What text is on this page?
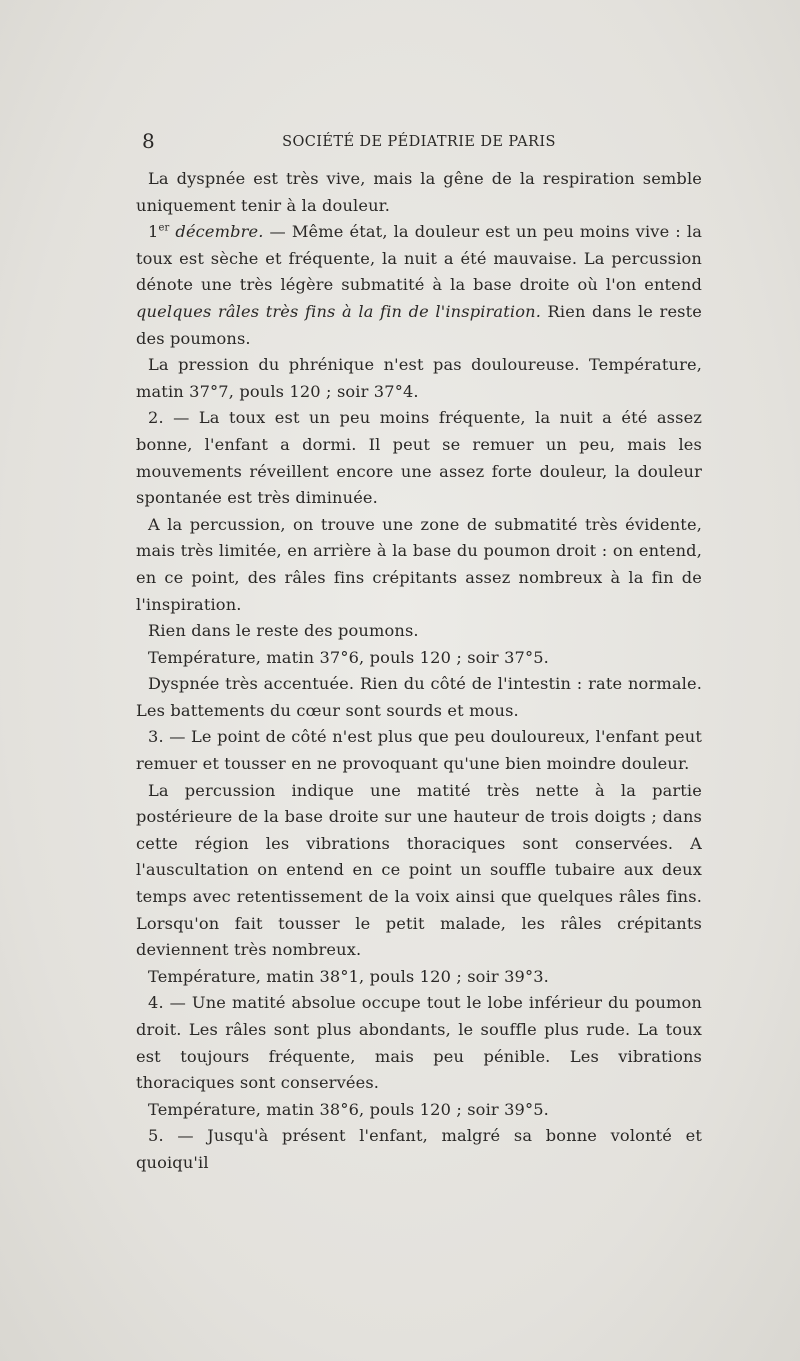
8	SOCIÉTÉ DE PÉDIATRIE DE PARIS

La dyspnée est très vive, mais la gêne de la respiration semble uniquement tenir à la douleur.

1er décembre. — Même état, la douleur est un peu moins vive : la toux est sèche et fréquente, la nuit a été mauvaise. La percussion dénote une très légère submatité à la base droite où l'on entend quelques râles très fins à la fin de l'inspiration. Rien dans le reste des poumons.

La pression du phrénique n'est pas douloureuse. Température, matin 37°7, pouls 120 ; soir 37°4.

2. — La toux est un peu moins fréquente, la nuit a été assez bonne, l'enfant a dormi. Il peut se remuer un peu, mais les mouvements réveillent encore une assez forte douleur, la douleur spontanée est très diminuée.

A la percussion, on trouve une zone de submatité très évidente, mais très limitée, en arrière à la base du poumon droit : on entend, en ce point, des râles fins crépitants assez nombreux à la fin de l'inspiration.

Rien dans le reste des poumons.

Température, matin 37°6, pouls 120 ; soir 37°5.

Dyspnée très accentuée. Rien du côté de l'intestin : rate normale. Les battements du cœur sont sourds et mous.

3. — Le point de côté n'est plus que peu douloureux, l'enfant peut remuer et tousser en ne provoquant qu'une bien moindre douleur.

La percussion indique une matité très nette à la partie postérieure de la base droite sur une hauteur de trois doigts ; dans cette région les vibrations thoraciques sont conservées. A l'auscultation on entend en ce point un souffle tubaire aux deux temps avec retentissement de la voix ainsi que quelques râles fins. Lorsqu'on fait tousser le petit malade, les râles crépitants deviennent très nombreux.

Température, matin 38°1, pouls 120 ; soir 39°3.

4. — Une matité absolue occupe tout le lobe inférieur du poumon droit. Les râles sont plus abondants, le souffle plus rude. La toux est toujours fréquente, mais peu pénible. Les vibrations thoraciques sont conservées.

Température, matin 38°6, pouls 120 ; soir 39°5.

5. — Jusqu'à présent l'enfant, malgré sa bonne volonté et quoiqu'il
